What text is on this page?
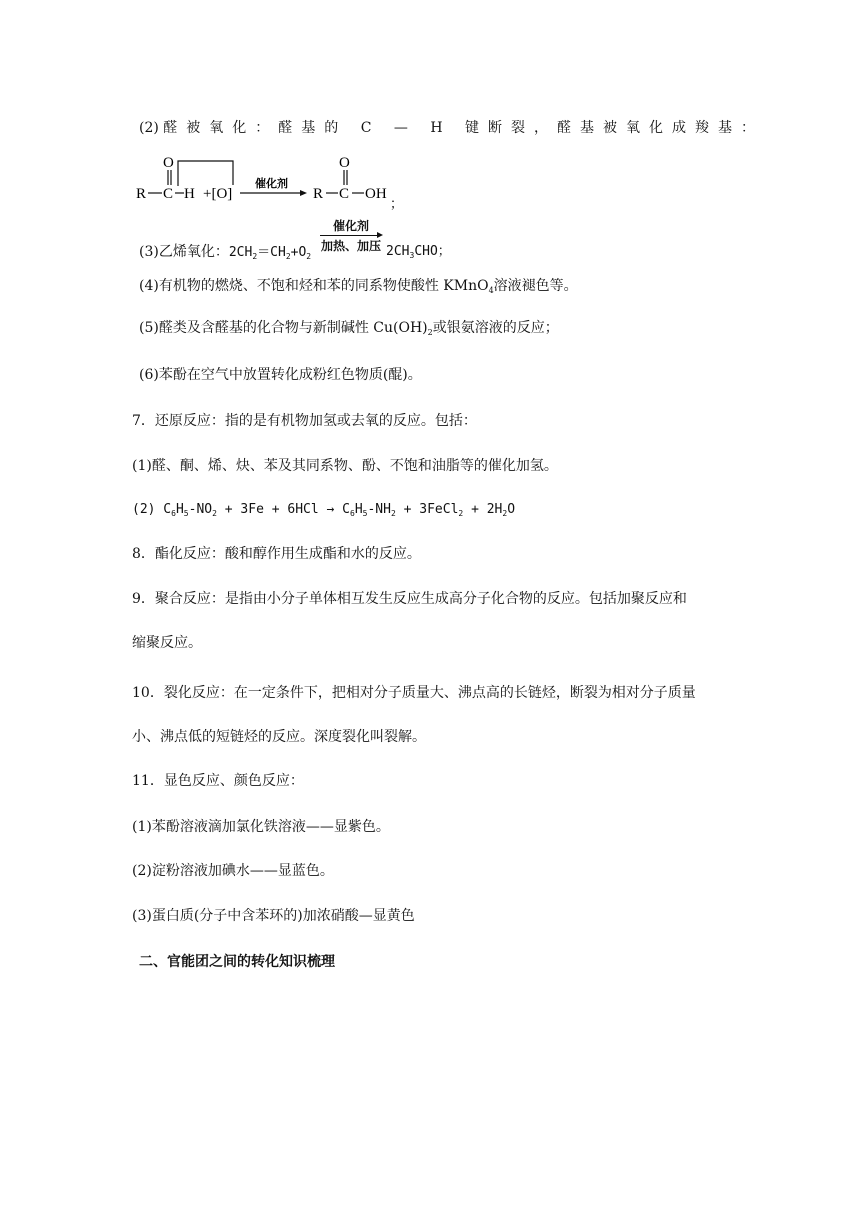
(2) 醛被氧化：醛基的 C — H 键断裂，醛基被氧化成羧基：
R C
O
H +[O]
催化剂
R C
O
OH
；
(3)乙烯氧化：$2CH_2=CH_2+O_2$
催化剂
加热、加压 $2CH_3CHO$；
(4)有机物的燃烧、不饱和烃和苯的同系物使酸性 KMnO$_4$溶液褪色等。
(5)醛类及含醛基的化合物与新制碱性 $Cu(OH)_2$或银氨溶液的反应；
(6)苯酚在空气中放置转化成粉红色物质(醌)。
7．还原反应：指的是有机物加氢或去氧的反应。包括：
(1)醛、酮、烯、炔、苯及其同系物、酚、不饱和油脂等的催化加氢。
(2) $C_6H_5-NO_2 + 3Fe + 6HCl \to C_6H_5-NH_2$ + 3FeCl$_2$ + $2H_2O$
8．酯化反应：酸和醇作用生成酯和水的反应。
9．聚合反应：是指由小分子单体相互发生反应生成高分子化合物的反应。包括加聚反应和
缩聚反应。
10．裂化反应：在一定条件下，把相对分子质量大、沸点高的长链烃，断裂为相对分子质量
小、沸点低的短链烃的反应。深度裂化叫裂解。
11．显色反应、颜色反应：
(1)苯酚溶液滴加氯化铁溶液——显紫色。
(2)淀粉溶液加碘水——显蓝色。
(3)蛋白质(分子中含苯环的)加浓硝酸—显黄色
二、官能团之间的转化知识梳理
